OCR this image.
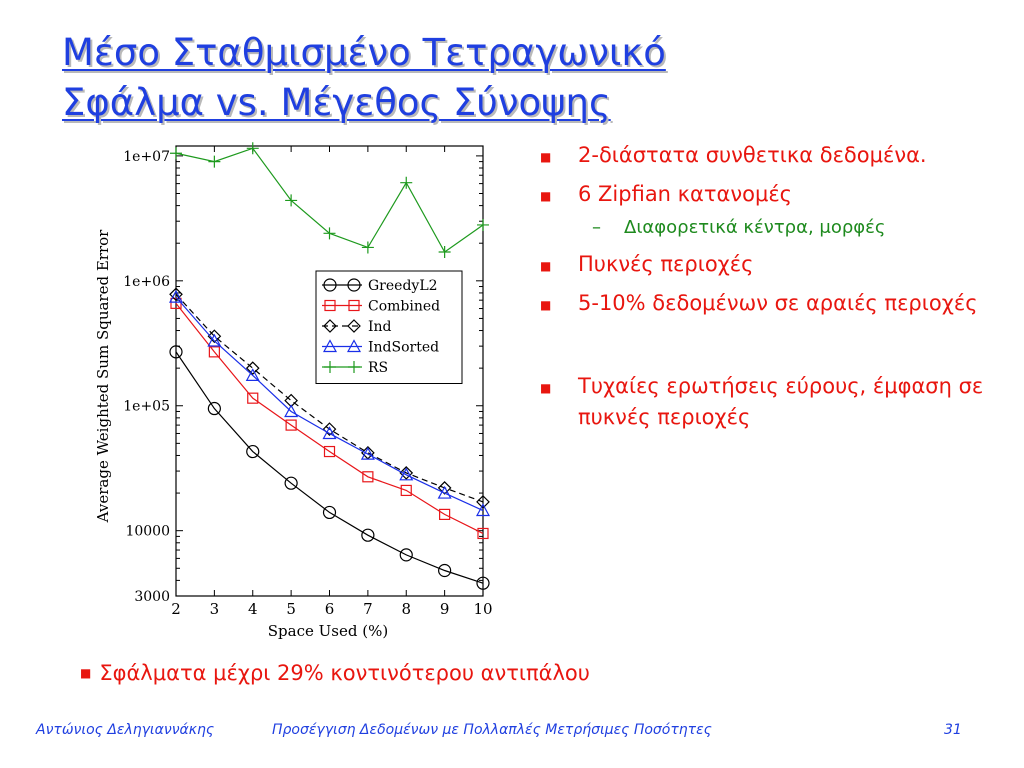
Μέσο Σταθμισμένο Τετραγωνικό
Σφάλμα vs. Μέγεθος Σύνοψης
Average Weighted Sum Squared Error
Space Used (%)
2 3 4 5 6 7 8 9 10
3000
10000
1e+05
1e+06
1e+07
GreedyL2
Combined
Ind
IndSorted
RS
■ 2-διάστατα συνθετικα δεδομένα.
■ 6 Zipfian κατανομές
– Διαφορετικά κέντρα, μορφές
■ Πυκνές περιοχές
■ 5-10% δεδομένων σε αραιές περιοχές
■ Τυχαίες ερωτήσεις εύρους, έμφαση σε πυκνές περιοχές
■ Σφάλματα μέχρι 29% κοντινότερου αντιπάλου
Αντώνιος Δεληγιαννάκης	Προσέγγιση Δεδομένων με Πολλαπλές Μετρήσιμες Ποσότητες	31
